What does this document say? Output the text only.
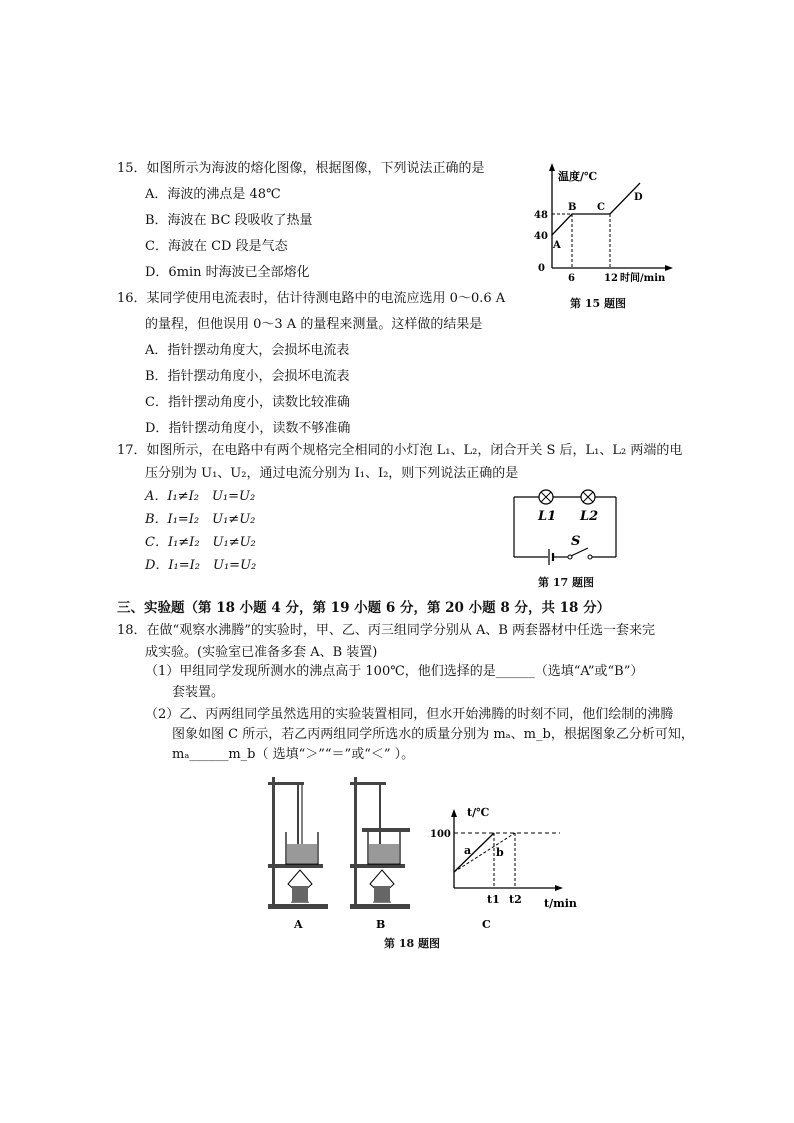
15．如图所示为海波的熔化图像，根据图像，下列说法正确的是
A．海波的沸点是 48℃
B．海波在 BC 段吸收了热量
C．海波在 CD 段是气态
D．6min 时海波已全部熔化
温度/℃
48
40
0
6	12 时间/min
A
B C
D
第 15 题图
16．某同学使用电流表时，估计待测电路中的电流应选用 0～0.6 A
的量程，但他误用 0～3 A 的量程来测量。这样做的结果是
A．指针摆动角度大，会损坏电流表
B．指针摆动角度小，会损坏电流表
C．指针摆动角度小，读数比较准确
D．指针摆动角度小，读数不够准确
17．如图所示，在电路中有两个规格完全相同的小灯泡 L₁、L₂，闭合开关 S 后，L₁、L₂ 两端的电
压分别为 U₁、U₂，通过电流分别为 I₁、I₂，则下列说法正确的是
A．I₁≠I₂　U₁=U₂
B．I₁=I₂　U₁≠U₂
C．I₁≠I₂　U₁≠U₂
D．I₁=I₂　U₁=U₂
L1 L2
S
第 17 题图
三、实验题（第 18 小题 4 分，第 19 小题 6 分，第 20 小题 8 分，共 18 分）
18．在做“观察水沸腾”的实验时，甲、乙、丙三组同学分别从 A、B 两套器材中任选一套来完
成实验。(实验室已准备多套 A、B 装置)
（1）甲组同学发现所测水的沸点高于 100℃，他们选择的是______（选填“A”或“B”）
套装置。
（2）乙、丙两组同学虽然选用的实验装置相同，但水开始沸腾的时刻不同，他们绘制的沸腾
图象如图 C 所示，若乙丙两组同学所选水的质量分别为 mₐ、m_b，根据图象乙分析可知，
mₐ______m_b（ 选填“＞”“＝”或“＜” ）。
A	B
t/℃
100
a b
t1 t2 t/min
C
第 18 题图
